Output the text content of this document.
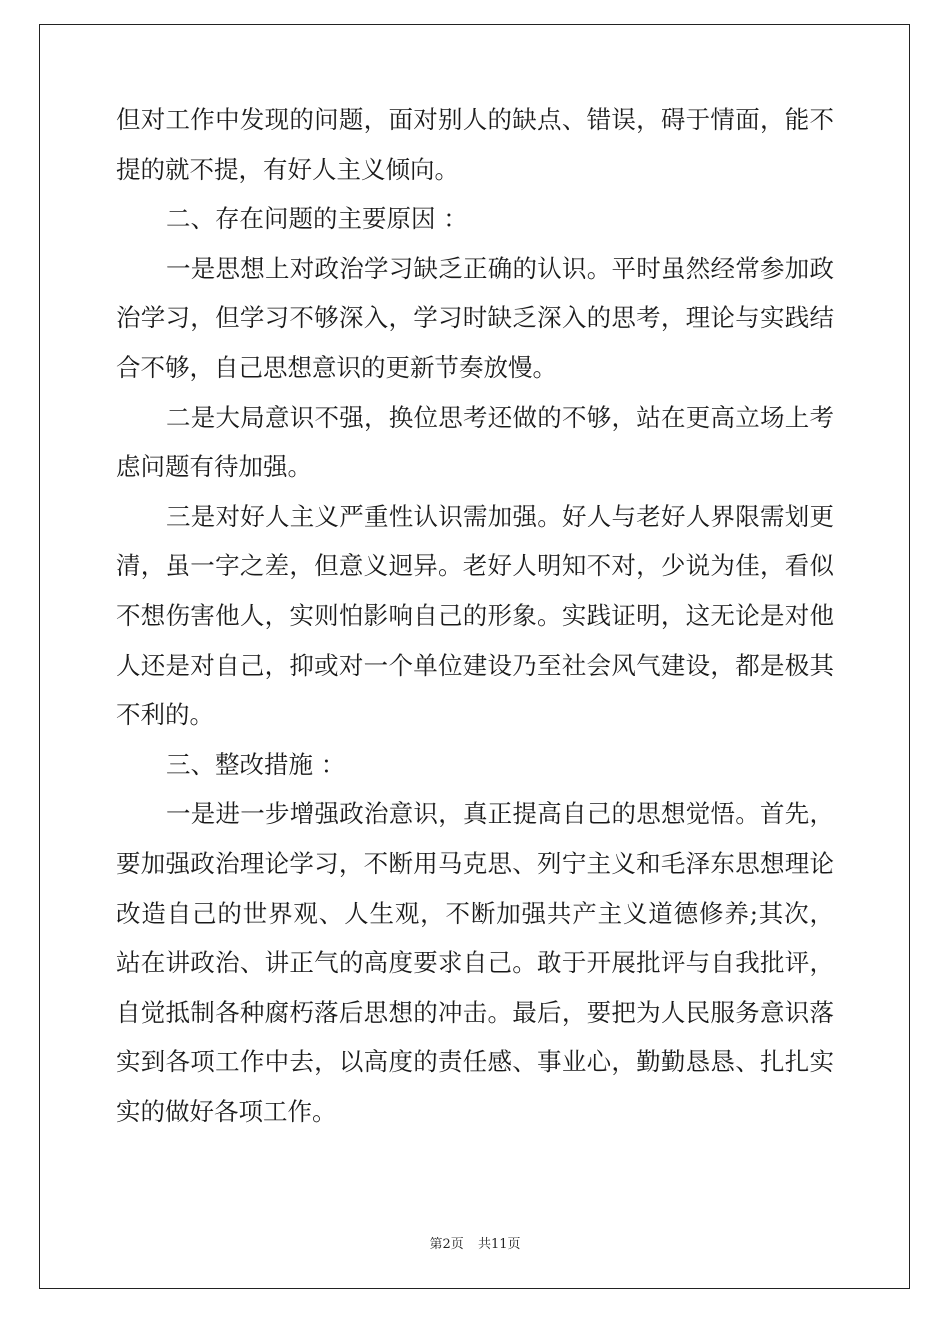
但对工作中发现的问题，面对别人的缺点、错误，碍于情面，能不提的就不提，有好人主义倾向。

二、存在问题的主要原因 ：

一是思想上对政治学习缺乏正确的认识。平时虽然经常参加政治学习，但学习不够深入，学习时缺乏深入的思考，理论与实践结合不够，自己思想意识的更新节奏放慢。

二是大局意识不强，换位思考还做的不够，站在更高立场上考虑问题有待加强。

三是对好人主义严重性认识需加强。好人与老好人界限需划更清，虽一字之差，但意义迥异。老好人明知不对，少说为佳，看似不想伤害他人，实则怕影响自己的形象。实践证明，这无论是对他人还是对自己，抑或对一个单位建设乃至社会风气建设，都是极其不利的。

三、整改措施 ：

一是进一步增强政治意识，真正提高自己的思想觉悟。首先，要加强政治理论学习，不断用马克思、列宁主义和毛泽东思想理论改造自己的世界观、人生观，不断加强共产主义道德修养;其次，站在讲政治、讲正气的高度要求自己。敢于开展批评与自我批评，自觉抵制各种腐朽落后思想的冲击。最后，要把为人民服务意识落实到各项工作中去，以高度的责任感、事业心，勤勤恳恳、扎扎实实的做好各项工作。

第2页 共11页
